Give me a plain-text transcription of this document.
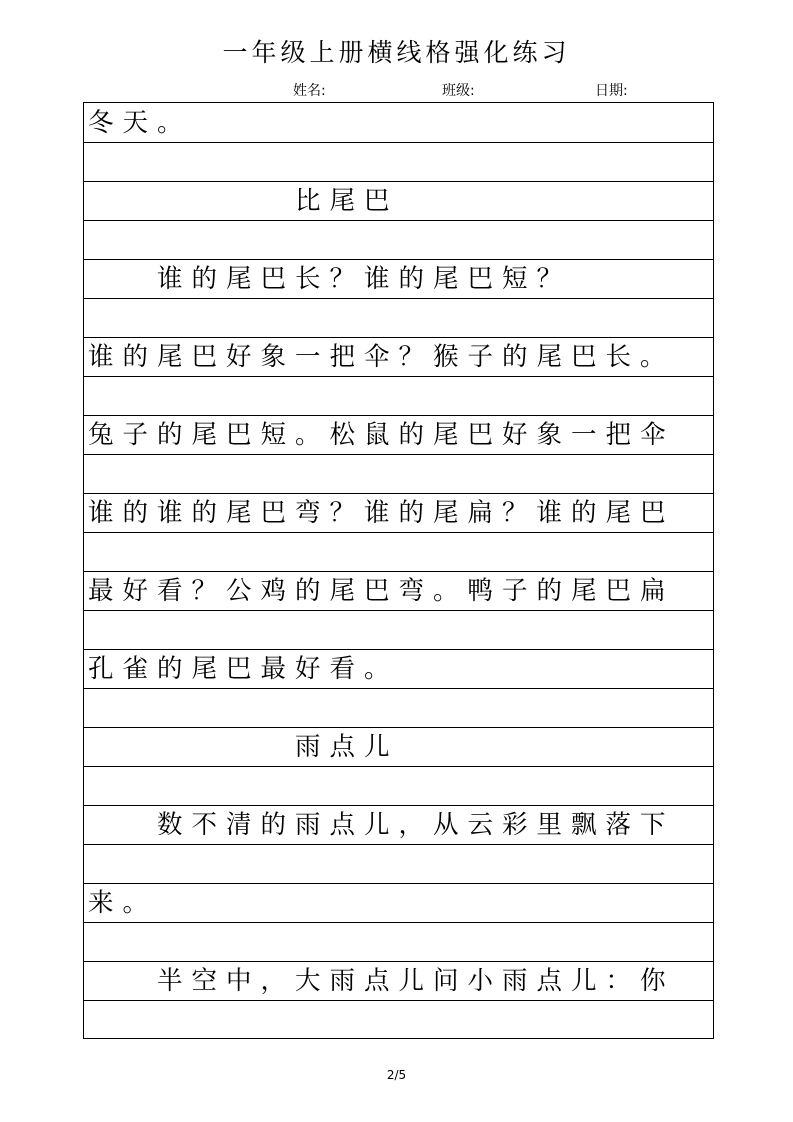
一年级上册横线格强化练习
姓名:	班级:	日期:
冬天。
　　　　　　比尾巴
　　谁的尾巴长？谁的尾巴短？
谁的尾巴好象一把伞？猴子的尾巴长。
兔子的尾巴短。松鼠的尾巴好象一把伞
谁的谁的尾巴弯？谁的尾扁？谁的尾巴
最好看？公鸡的尾巴弯。鸭子的尾巴扁
孔雀的尾巴最好看。
　　　　　　雨点儿
　　数不清的雨点儿，从云彩里飘落下
来。
　　半空中，大雨点儿问小雨点儿：你
2/5
